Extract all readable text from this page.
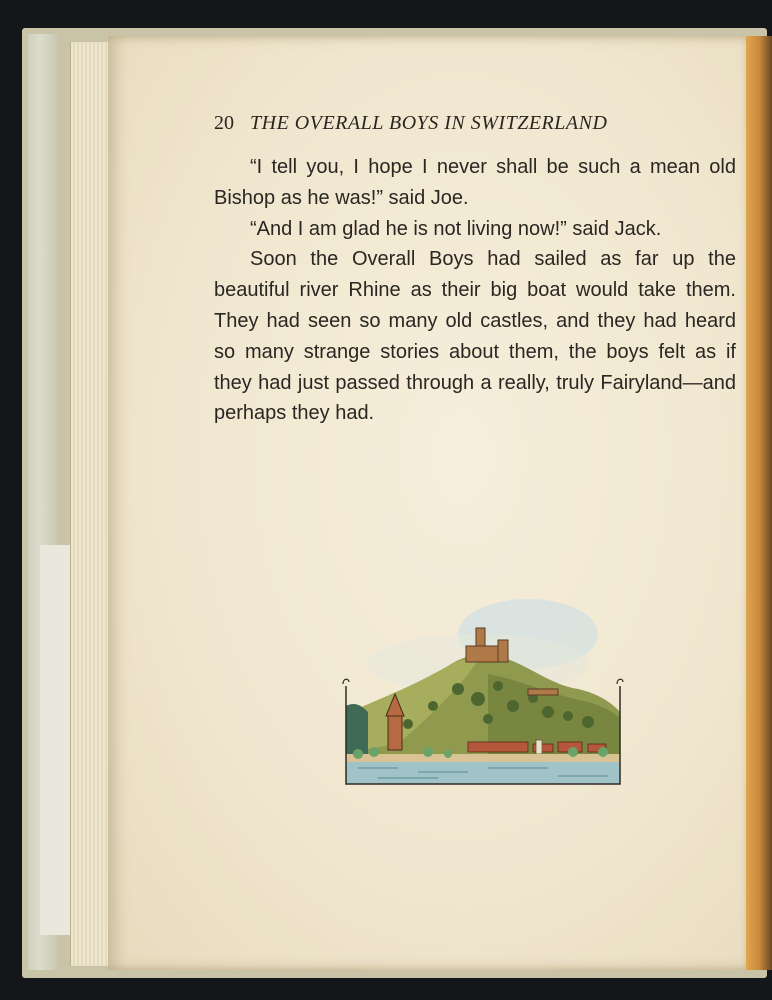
20 THE OVERALL BOYS IN SWITZERLAND

“I tell you, I hope I never shall be such a mean old Bishop as he was!” said Joe.

“And I am glad he is not living now!” said Jack.

Soon the Overall Boys had sailed as far up the beautiful river Rhine as their big boat would take them. They had seen so many old castles, and they had heard so many strange stories about them, the boys felt as if they had just passed through a really, truly Fairyland—and perhaps they had.
